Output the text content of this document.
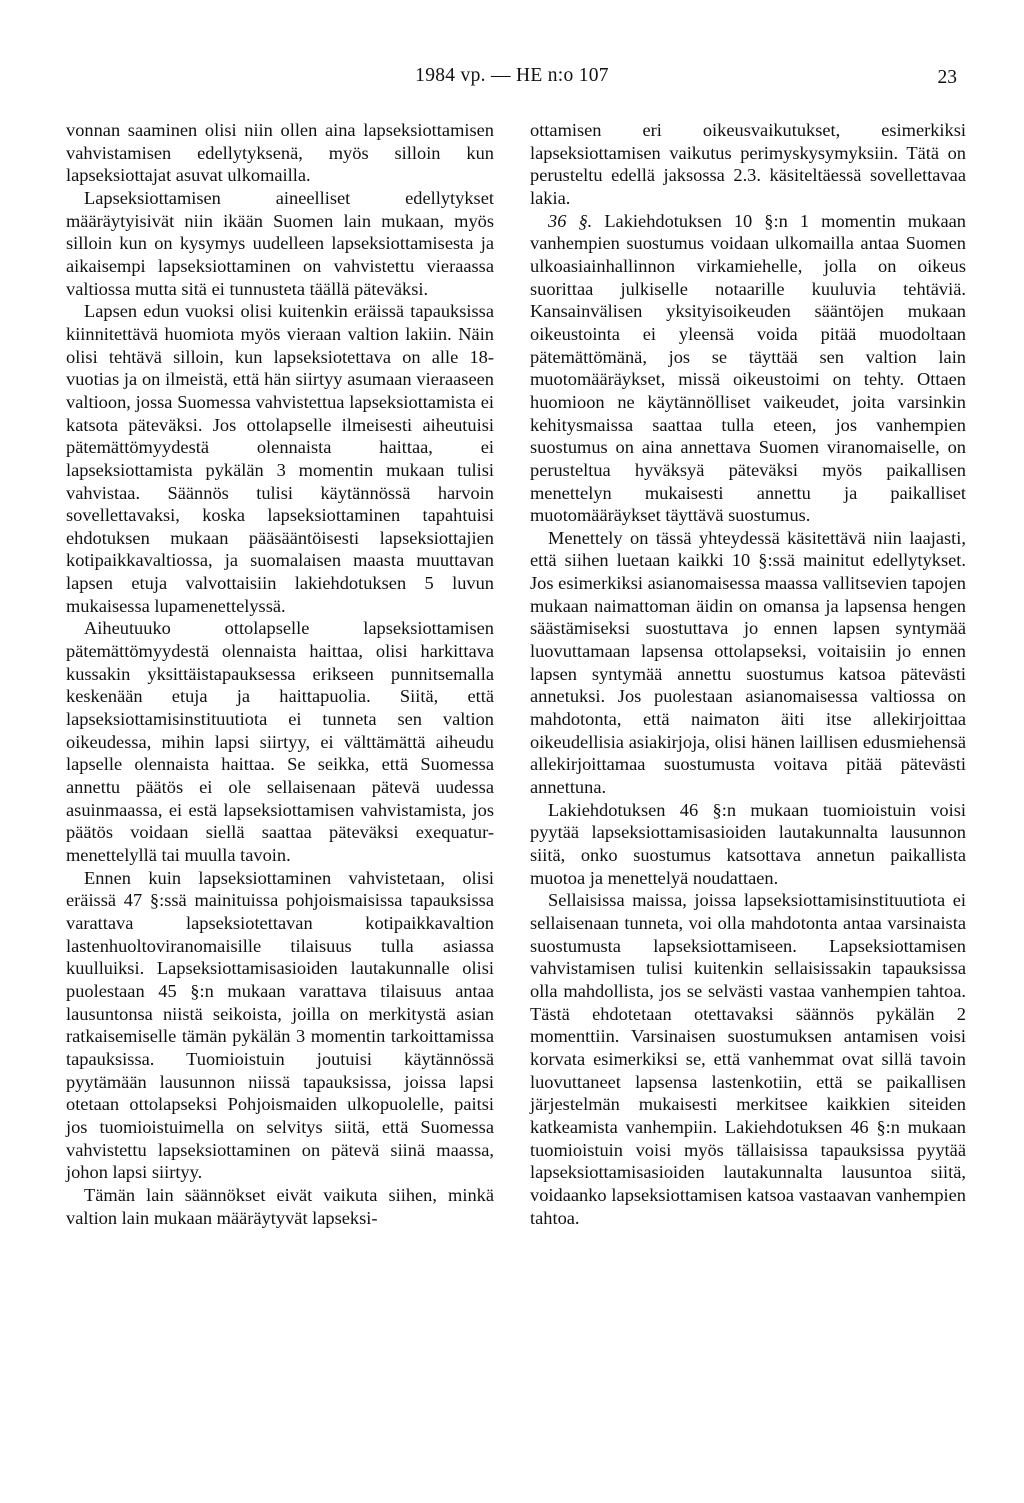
1984 vp. — HE n:o 107	23

vonnan saaminen olisi niin ollen aina lapseksiottamisen vahvistamisen edellytyksenä, myös silloin kun lapseksiottajat asuvat ulkomailla.

Lapseksiottamisen aineelliset edellytykset määräytyisivät niin ikään Suomen lain mukaan, myös silloin kun on kysymys uudelleen lapseksiottamisesta ja aikaisempi lapseksiottaminen on vahvistettu vieraassa valtiossa mutta sitä ei tunnusteta täällä päteväksi.

Lapsen edun vuoksi olisi kuitenkin eräissä tapauksissa kiinnitettävä huomiota myös vieraan valtion lakiin. Näin olisi tehtävä silloin, kun lapseksiotettava on alle 18-vuotias ja on ilmeistä, että hän siirtyy asumaan vieraaseen valtioon, jossa Suomessa vahvistettua lapseksiottamista ei katsota päteväksi. Jos ottolapselle ilmeisesti aiheutuisi pätemättömyydestä olennaista haittaa, ei lapseksiottamista pykälän 3 momentin mukaan tulisi vahvistaa. Säännös tulisi käytännössä harvoin sovellettavaksi, koska lapseksiottaminen tapahtuisi ehdotuksen mukaan pääsääntöisesti lapseksiottajien kotipaikkavaltiossa, ja suomalaisen maasta muuttavan lapsen etuja valvottaisiin lakiehdotuksen 5 luvun mukaisessa lupamenettelyssä.

Aiheutuuko ottolapselle lapseksiottamisen pätemättömyydestä olennaista haittaa, olisi harkittava kussakin yksittäistapauksessa erikseen punnitsemalla keskenään etuja ja haittapuolia. Siitä, että lapseksiottamisinstituutiota ei tunneta sen valtion oikeudessa, mihin lapsi siirtyy, ei välttämättä aiheudu lapselle olennaista haittaa. Se seikka, että Suomessa annettu päätös ei ole sellaisenaan pätevä uudessa asuinmaassa, ei estä lapseksiottamisen vahvistamista, jos päätös voidaan siellä saattaa päteväksi exequatur-menettelyllä tai muulla tavoin.

Ennen kuin lapseksiottaminen vahvistetaan, olisi eräissä 47 §:ssä mainituissa pohjoismaisissa tapauksissa varattava lapseksiotettavan kotipaikkavaltion lastenhuoltoviranomaisille tilaisuus tulla asiassa kuulluiksi. Lapseksiottamisasioiden lautakunnalle olisi puolestaan 45 §:n mukaan varattava tilaisuus antaa lausuntonsa niistä seikoista, joilla on merkitystä asian ratkaisemiselle tämän pykälän 3 momentin tarkoittamissa tapauksissa. Tuomioistuin joutuisi käytännössä pyytämään lausunnon niissä tapauksissa, joissa lapsi otetaan ottolapseksi Pohjoismaiden ulkopuolelle, paitsi jos tuomioistuimella on selvitys siitä, että Suomessa vahvistettu lapseksiottaminen on pätevä siinä maassa, johon lapsi siirtyy.

Tämän lain säännökset eivät vaikuta siihen, minkä valtion lain mukaan määräytyvät lapseksi-

ottamisen eri oikeusvaikutukset, esimerkiksi lapseksiottamisen vaikutus perimyskysymyksiin. Tätä on perusteltu edellä jaksossa 2.3. käsiteltäessä sovellettavaa lakia.

36 §. Lakiehdotuksen 10 §:n 1 momentin mukaan vanhempien suostumus voidaan ulkomailla antaa Suomen ulkoasiainhallinnon virkamiehelle, jolla on oikeus suorittaa julkiselle notaarille kuuluvia tehtäviä. Kansainvälisen yksityisoikeuden sääntöjen mukaan oikeustointa ei yleensä voida pitää muodoltaan pätemättömänä, jos se täyttää sen valtion lain muotomääräykset, missä oikeustoimi on tehty. Ottaen huomioon ne käytännölliset vaikeudet, joita varsinkin kehitysmaissa saattaa tulla eteen, jos vanhempien suostumus on aina annettava Suomen viranomaiselle, on perusteltua hyväksyä päteväksi myös paikallisen menettelyn mukaisesti annettu ja paikalliset muotomääräykset täyttävä suostumus.

Menettely on tässä yhteydessä käsitettävä niin laajasti, että siihen luetaan kaikki 10 §:ssä mainitut edellytykset. Jos esimerkiksi asianomaisessa maassa vallitsevien tapojen mukaan naimattoman äidin on omansa ja lapsensa hengen säästämiseksi suostuttava jo ennen lapsen syntymää luovuttamaan lapsensa ottolapseksi, voitaisiin jo ennen lapsen syntymää annettu suostumus katsoa pätevästi annetuksi. Jos puolestaan asianomaisessa valtiossa on mahdotonta, että naimaton äiti itse allekirjoittaa oikeudellisia asiakirjoja, olisi hänen laillisen edusmiehensä allekirjoittamaa suostumusta voitava pitää pätevästi annettuna.

Lakiehdotuksen 46 §:n mukaan tuomioistuin voisi pyytää lapseksiottamisasioiden lautakunnalta lausunnon siitä, onko suostumus katsottava annetun paikallista muotoa ja menettelyä noudattaen.

Sellaisissa maissa, joissa lapseksiottamisinstituutiota ei sellaisenaan tunneta, voi olla mahdotonta antaa varsinaista suostumusta lapseksiottamiseen. Lapseksiottamisen vahvistamisen tulisi kuitenkin sellaisissakin tapauksissa olla mahdollista, jos se selvästi vastaa vanhempien tahtoa. Tästä ehdotetaan otettavaksi säännös pykälän 2 momenttiin. Varsinaisen suostumuksen antamisen voisi korvata esimerkiksi se, että vanhemmat ovat sillä tavoin luovuttaneet lapsensa lastenkotiin, että se paikallisen järjestelmän mukaisesti merkitsee kaikkien siteiden katkeamista vanhempiin. Lakiehdotuksen 46 §:n mukaan tuomioistuin voisi myös tällaisissa tapauksissa pyytää lapseksiottamisasioiden lautakunnalta lausuntoa siitä, voidaanko lapseksiottamisen katsoa vastaavan vanhempien tahtoa.
